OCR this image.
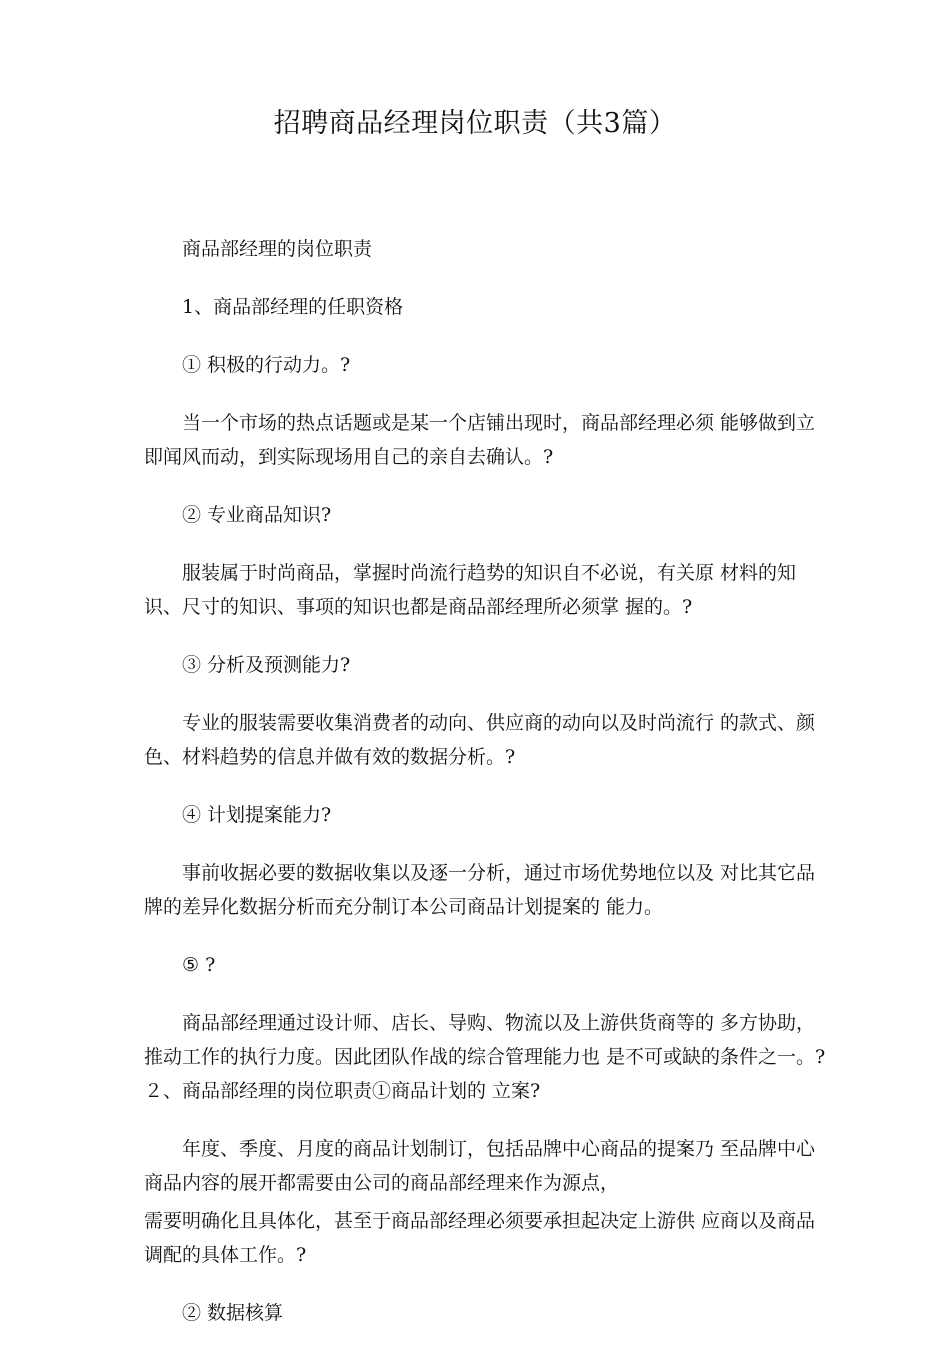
招聘商品经理岗位职责（共3篇）

商品部经理的岗位职责

1、商品部经理的任职资格

① 积极的行动力。?

当一个市场的热点话题或是某一个店铺出现时，商品部经理必须 能够做到立即闻风而动，到实际现场用自己的亲自去确认。?

② 专业商品知识?

服装属于时尚商品，掌握时尚流行趋势的知识自不必说，有关原 材料的知识、尺寸的知识、事项的知识也都是商品部经理所必须掌 握的。?

③ 分析及预测能力?

专业的服装需要收集消费者的动向、供应商的动向以及时尚流行 的款式、颜色、材料趋势的信息并做有效的数据分析。?

④ 计划提案能力?

事前收据必要的数据收集以及逐一分析，通过市场优势地位以及 对比其它品牌的差异化数据分析而充分制订本公司商品计划提案的 能力。

⑤ ?

商品部经理通过设计师、店长、导购、物流以及上游供货商等的 多方协助，推动工作的执行力度。因此团队作战的综合管理能力也 是不可或缺的条件之一。?２、商品部经理的岗位职责①商品计划的 立案?

年度、季度、月度的商品计划制订，包括品牌中心商品的提案乃 至品牌中心商品内容的展开都需要由公司的商品部经理来作为源点，

需要明确化且具体化，甚至于商品部经理必须要承担起决定上游供 应商以及商品调配的具体工作。?

② 数据核算
